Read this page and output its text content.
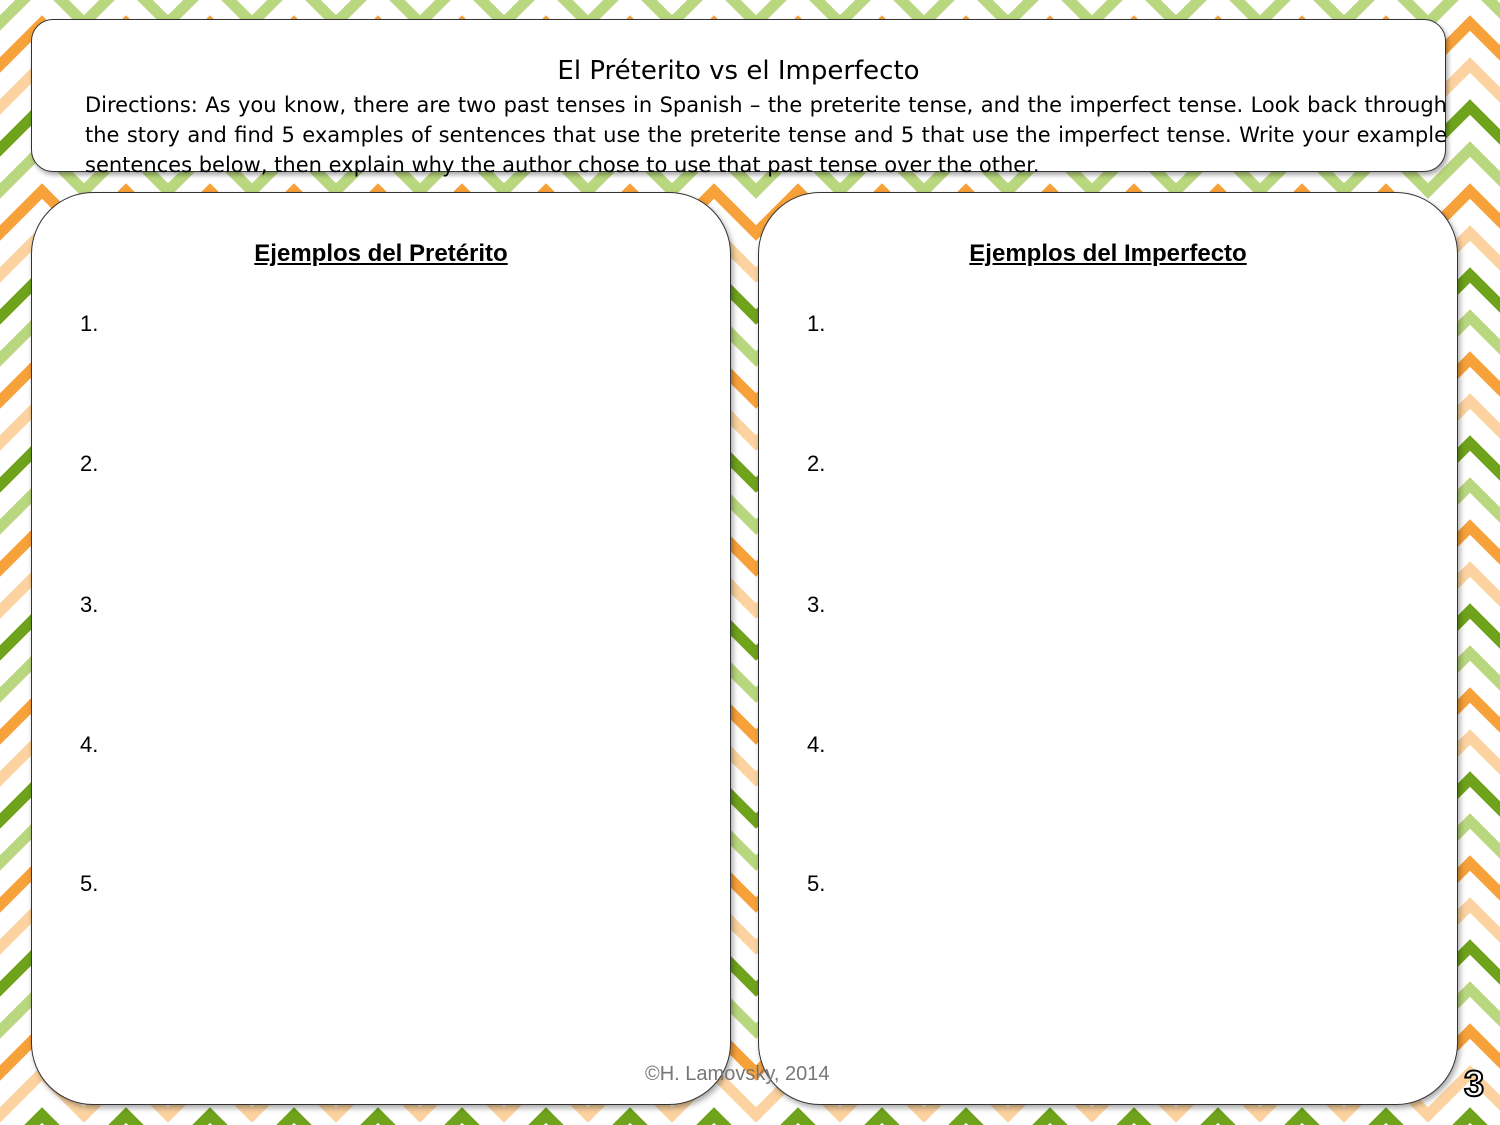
El Préterito vs el Imperfecto
Directions: As you know, there are two past tenses in Spanish – the preterite tense, and the imperfect tense. Look back through the story and find 5 examples of sentences that use the preterite tense and 5 that use the imperfect tense. Write your example sentences below, then explain why the author chose to use that past tense over the other.
Ejemplos del Pretérito
1.
2.
3.
4.
5.
Ejemplos del Imperfecto
1.
2.
3.
4.
5.
©H. Lamovsky, 2014	3
